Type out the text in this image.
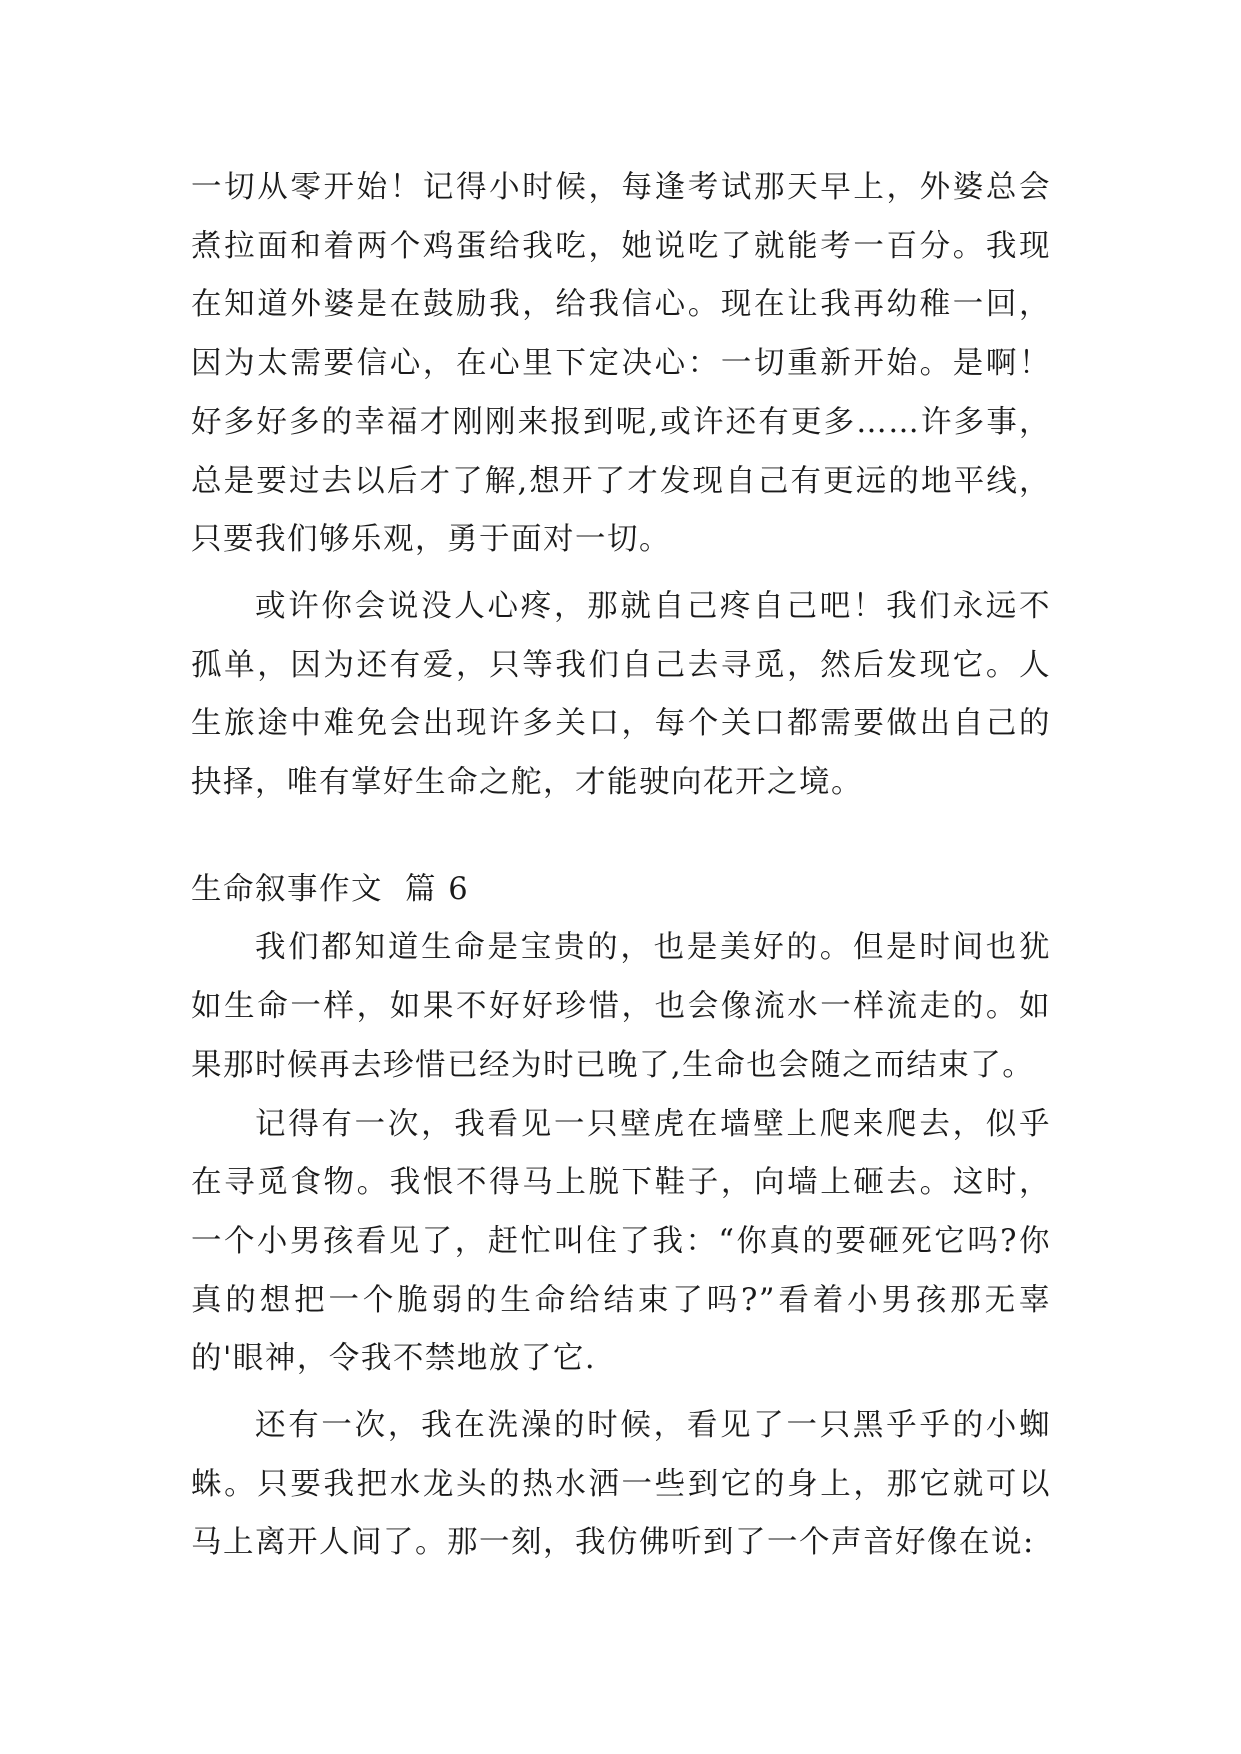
一切从零开始！记得小时候，每逢考试那天早上，外婆总会煮拉面和着两个鸡蛋给我吃，她说吃了就能考一百分。我现在知道外婆是在鼓励我，给我信心。现在让我再幼稚一回，因为太需要信心，在心里下定决心：一切重新开始。是啊！好多好多的幸福才刚刚来报到呢,或许还有更多……许多事，总是要过去以后才了解,想开了才发现自己有更远的地平线，只要我们够乐观，勇于面对一切。

或许你会说没人心疼，那就自己疼自己吧！我们永远不孤单，因为还有爱，只等我们自己去寻觅，然后发现它。人生旅途中难免会出现许多关口，每个关口都需要做出自己的抉择，唯有掌好生命之舵，才能驶向花开之境。

生命叙事作文 篇 6

我们都知道生命是宝贵的，也是美好的。但是时间也犹如生命一样，如果不好好珍惜，也会像流水一样流走的。如果那时候再去珍惜已经为时已晚了,生命也会随之而结束了。

记得有一次，我看见一只壁虎在墙壁上爬来爬去，似乎在寻觅食物。我恨不得马上脱下鞋子，向墙上砸去。这时，一个小男孩看见了，赶忙叫住了我：“你真的要砸死它吗?你真的想把一个脆弱的生命给结束了吗?”看着小男孩那无辜的'眼神，令我不禁地放了它.

还有一次，我在洗澡的时候，看见了一只黑乎乎的小蜘蛛。只要我把水龙头的热水洒一些到它的身上，那它就可以马上离开人间了。那一刻，我仿佛听到了一个声音好像在说:
